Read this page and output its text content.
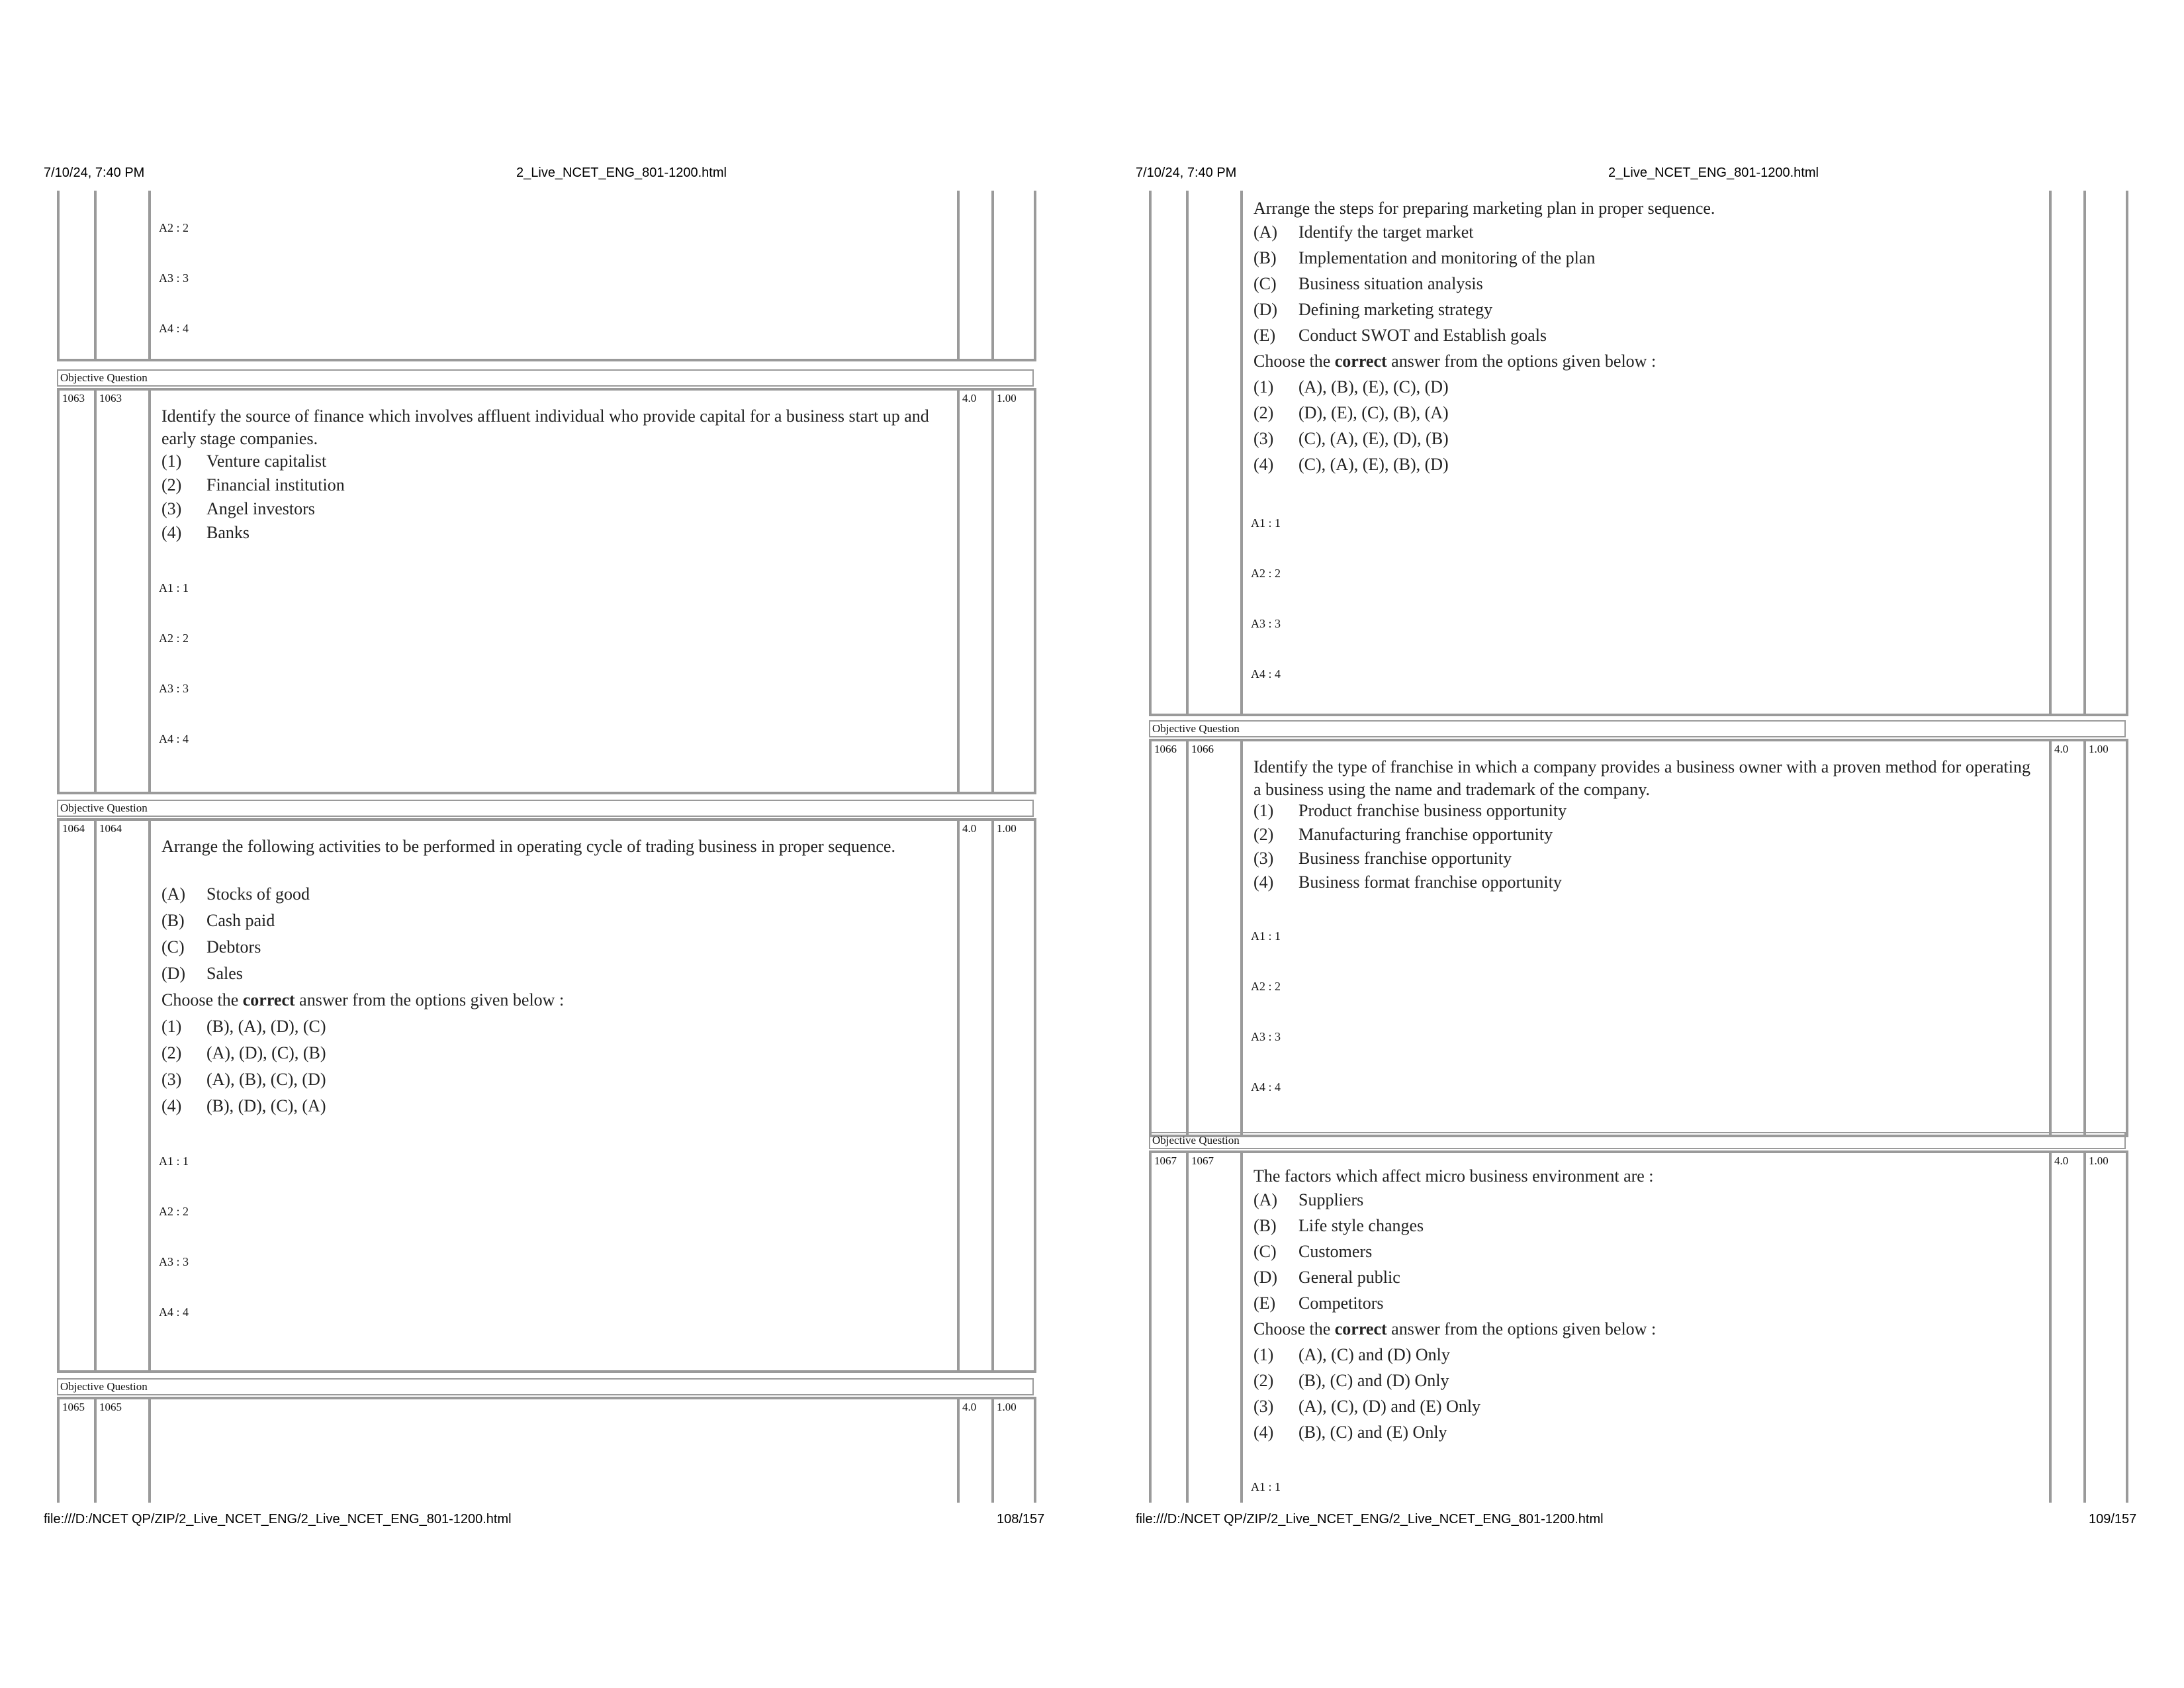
7/10/24, 7:40 PM	2_Live_NCET_ENG_801-1200.html
A2 : 2
A3 : 3
A4 : 4
Objective Question
1063 1063	4.0 1.00
Identify the source of finance which involves affluent individual who provide capital for a business start up and early stage companies.
(1) Venture capitalist
(2) Financial institution
(3) Angel investors
(4) Banks
A1 : 1
A2 : 2
A3 : 3
A4 : 4
Objective Question
1064 1064	4.0 1.00
Arrange the following activities to be performed in operating cycle of trading business in proper sequence.
(A) Stocks of good
(B) Cash paid
(C) Debtors
(D) Sales
Choose the correct answer from the options given below :
(1) (B), (A), (D), (C)
(2) (A), (D), (C), (B)
(3) (A), (B), (C), (D)
(4) (B), (D), (C), (A)
A1 : 1
A2 : 2
A3 : 3
A4 : 4
Objective Question
1065 1065	4.0 1.00
file:///D:/NCET QP/ZIP/2_Live_NCET_ENG/2_Live_NCET_ENG_801-1200.html	108/157
7/10/24, 7:40 PM	2_Live_NCET_ENG_801-1200.html
Arrange the steps for preparing marketing plan in proper sequence.
(A) Identify the target market
(B) Implementation and monitoring of the plan
(C) Business situation analysis
(D) Defining marketing strategy
(E) Conduct SWOT and Establish goals
Choose the correct answer from the options given below :
(1) (A), (B), (E), (C), (D)
(2) (D), (E), (C), (B), (A)
(3) (C), (A), (E), (D), (B)
(4) (C), (A), (E), (B), (D)
A1 : 1
A2 : 2
A3 : 3
A4 : 4
Objective Question
1066 1066	4.0 1.00
Identify the type of franchise in which a company provides a business owner with a proven method for operating a business using the name and trademark of the company.
(1) Product franchise business opportunity
(2) Manufacturing franchise opportunity
(3) Business franchise opportunity
(4) Business format franchise opportunity
A1 : 1
A2 : 2
A3 : 3
A4 : 4
Objective Question
1067 1067	4.0 1.00
The factors which affect micro business environment are :
(A) Suppliers
(B) Life style changes
(C) Customers
(D) General public
(E) Competitors
Choose the correct answer from the options given below :
(1) (A), (C) and (D) Only
(2) (B), (C) and (D) Only
(3) (A), (C), (D) and (E) Only
(4) (B), (C) and (E) Only
A1 : 1
file:///D:/NCET QP/ZIP/2_Live_NCET_ENG/2_Live_NCET_ENG_801-1200.html	109/157
